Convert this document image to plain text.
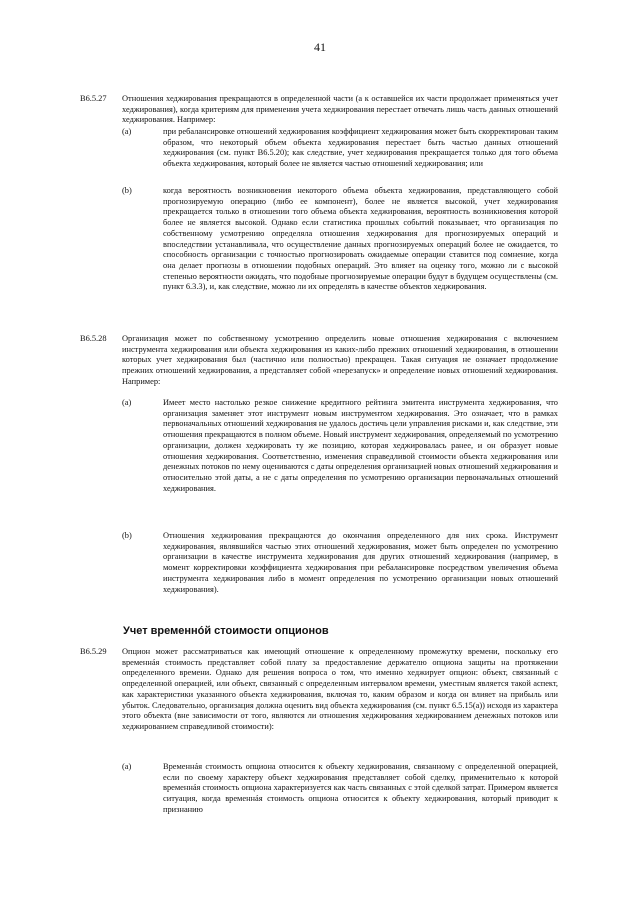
41
B6.5.27 Отношения хеджирования прекращаются в определенной части (а к оставшейся их части продолжает применяться учет хеджирования), когда критериям для применения учета хеджирования перестает отвечать лишь часть данных отношений хеджирования. Например:
(a)	при ребалансировке отношений хеджирования коэффициент хеджирования может быть скорректирован таким образом, что некоторый объем объекта хеджирования перестает быть частью данных отношений хеджирования (см. пункт B6.5.20); как следствие, учет хеджирования прекращается только для того объема объекта хеджирования, который более не является частью отношений хеджирования; или
(b)	когда вероятность возникновения некоторого объема объекта хеджирования, представляющего собой прогнозируемую операцию (либо ее компонент), более не является высокой, учет хеджирования прекращается только в отношении того объема объекта хеджирования, вероятность возникновения которой более не является высокой. Однако если статистика прошлых событий показывает, что организация по собственному усмотрению определяла отношения хеджирования для прогнозируемых операций и впоследствии устанавливала, что осуществление данных прогнозируемых операций более не ожидается, то способность организации с точностью прогнозировать ожидаемые операции ставится под сомнение, когда она делает прогнозы в отношении подобных операций. Это влияет на оценку того, можно ли с высокой степенью вероятности ожидать, что подобные прогнозируемые операции будут в будущем осуществлены (см. пункт 6.3.3), и, как следствие, можно ли их определять в качестве объектов хеджирования.
B6.5.28 Организация может по собственному усмотрению определить новые отношения хеджирования с включением инструмента хеджирования или объекта хеджирования из каких-либо прежних отношений хеджирования, в отношении которых учет хеджирования был (частично или полностью) прекращен. Такая ситуация не означает продолжение прежних отношений хеджирования, а представляет собой «перезапуск» и определение новых отношений хеджирования. Например:
(a)	Имеет место настолько резкое снижение кредитного рейтинга эмитента инструмента хеджирования, что организация заменяет этот инструмент новым инструментом хеджирования. Это означает, что в рамках первоначальных отношений хеджирования не удалось достичь цели управления рисками и, как следствие, эти отношения прекращаются в полном объеме. Новый инструмент хеджирования, определяемый по усмотрению организации, должен хеджировать ту же позицию, которая хеджировалась ранее, и он образует новые отношения хеджирования. Соответственно, изменения справедливой стоимости объекта хеджирования или денежных потоков по нему оцениваются с даты определения организацией новых отношений хеджирования и относительно этой даты, а не с даты определения по усмотрению организации первоначальных отношений хеджирования.
(b)	Отношения хеджирования прекращаются до окончания определенного для них срока. Инструмент хеджирования, являвшийся частью этих отношений хеджирования, может быть определен по усмотрению организации в качестве инструмента хеджирования для других отношений хеджирования (например, в момент корректировки коэффициента хеджирования при ребалансировке посредством увеличения объема инструмента хеджирования либо в момент определения по усмотрению организации новых отношений хеджирования).
Учет временнóй стоимости опционов
B6.5.29 Опцион может рассматриваться как имеющий отношение к определенному промежутку времени, поскольку его временнáя стоимость представляет собой плату за предоставление держателю опциона защиты на протяжении определенного времени. Однако для решения вопроса о том, что именно хеджирует опцион: объект, связанный с определенной операцией, или объект, связанный с определенным интервалом времени, уместным является такой аспект, как характеристики указанного объекта хеджирования, включая то, каким образом и когда он влияет на прибыль или убыток. Следовательно, организация должна оценить вид объекта хеджирования (см. пункт 6.5.15(a)) исходя из характера этого объекта (вне зависимости от того, являются ли отношения хеджирования хеджированием денежных потоков или хеджированием справедливой стоимости):
(a)	Временнáя стоимость опциона относится к объекту хеджирования, связанному с определенной операцией, если по своему характеру объект хеджирования представляет собой сделку, применительно к которой временнáя стоимость опциона характеризуется как часть связанных с этой сделкой затрат. Примером является ситуация, когда временнáя стоимость опциона относится к объекту хеджирования, который приводит к признанию
